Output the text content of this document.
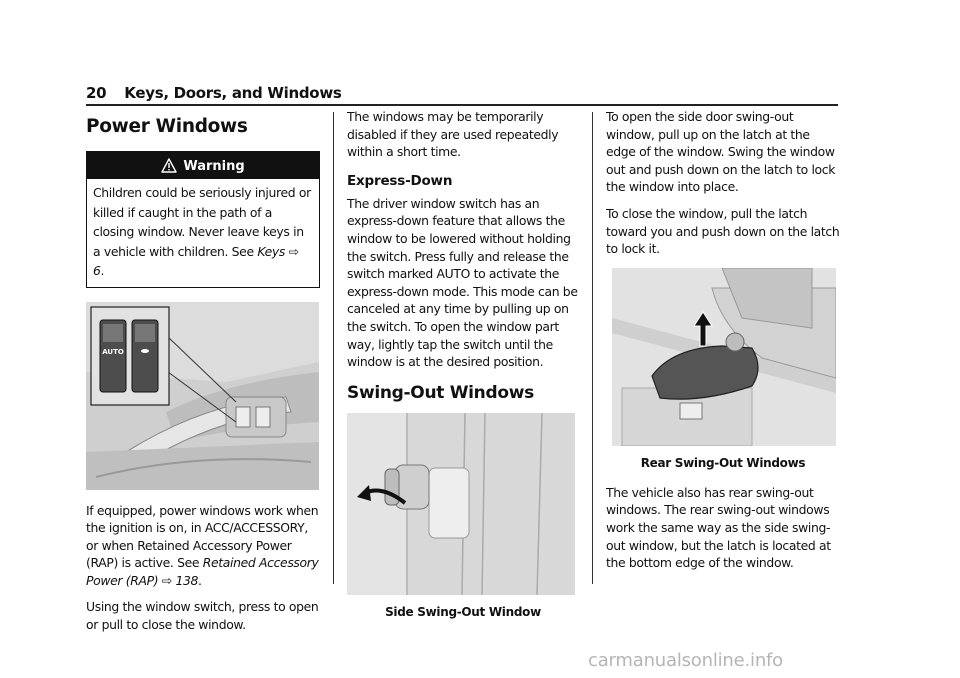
20 Keys, Doors, and Windows
Power Windows
Warning

Children could be seriously injured or killed if caught in the path of a closing window. Never leave keys in a vehicle with children. See Keys ⇨ 6.

AUTO

If equipped, power windows work when the ignition is on, in ACC/ACCESSORY, or when Retained Accessory Power (RAP) is active. See Retained Accessory Power (RAP) ⇨ 138.

Using the window switch, press to open or pull to close the window.

The windows may be temporarily disabled if they are used repeatedly within a short time.

Express-Down

The driver window switch has an express-down feature that allows the window to be lowered without holding the switch. Press fully and release the switch marked AUTO to activate the express-down mode. This mode can be canceled at any time by pulling up on the switch. To open the window part way, lightly tap the switch until the window is at the desired position.

Swing-Out Windows
Side Swing-Out Window

To open the side door swing-out window, pull up on the latch at the edge of the window. Swing the window out and push down on the latch to lock the window into place.

To close the window, pull the latch toward you and push down on the latch to lock it.

Rear Swing-Out Windows

The vehicle also has rear swing-out windows. The rear swing-out windows work the same way as the side swing-out window, but the latch is located at the bottom edge of the window.

carmanualsonline.info
